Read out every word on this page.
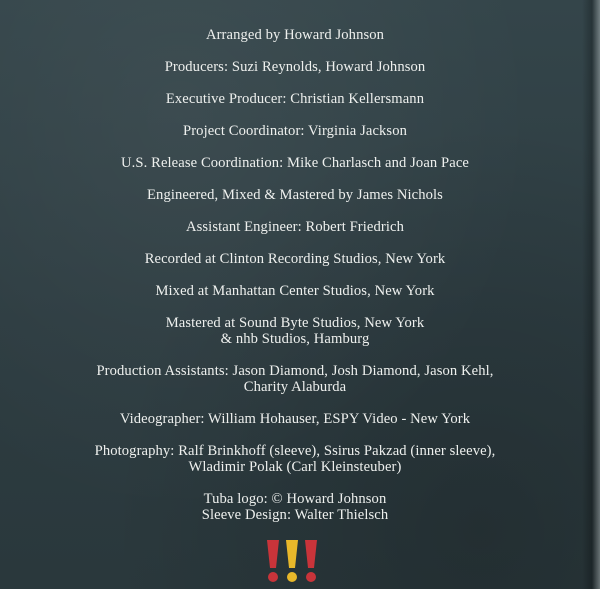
Arranged by Howard Johnson
Producers: Suzi Reynolds, Howard Johnson
Executive Producer: Christian Kellersmann
Project Coordinator: Virginia Jackson
U.S. Release Coordination: Mike Charlasch and Joan Pace
Engineered, Mixed & Mastered by James Nichols
Assistant Engineer: Robert Friedrich
Recorded at Clinton Recording Studios, New York
Mixed at Manhattan Center Studios, New York
Mastered at Sound Byte Studios, New York
& nhb Studios, Hamburg
Production Assistants: Jason Diamond, Josh Diamond, Jason Kehl,
Charity Alaburda
Videographer: William Hohauser, ESPY Video - New York
Photography: Ralf Brinkhoff (sleeve), Ssirus Pakzad (inner sleeve),
Wladimir Polak (Carl Kleinsteuber)
Tuba logo: © Howard Johnson
Sleeve Design: Walter Thielsch
